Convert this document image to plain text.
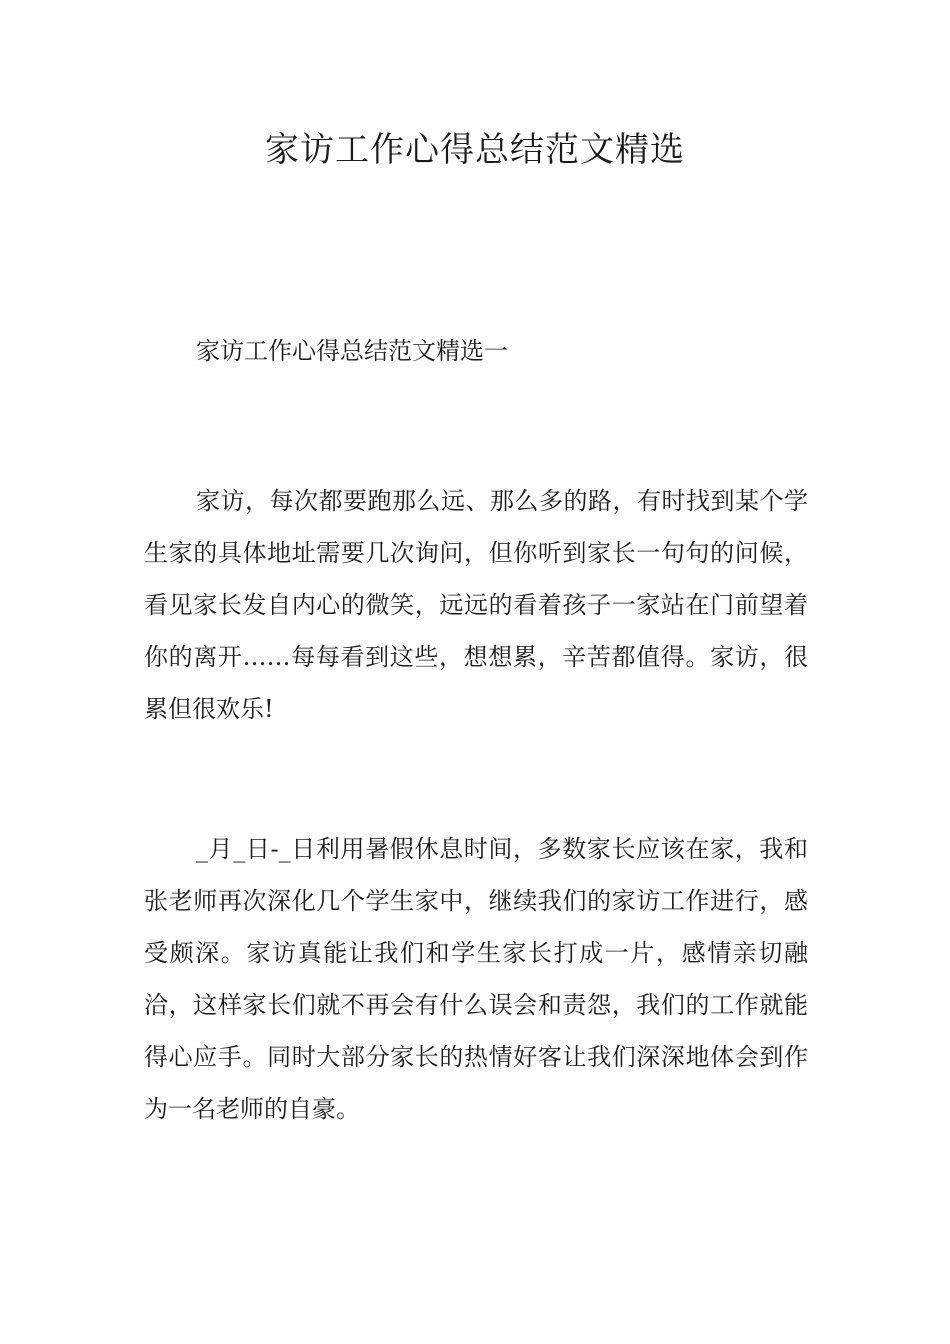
家访工作心得总结范文精选

家访工作心得总结范文精选一

家访，每次都要跑那么远、那么多的路，有时找到某个学生家的具体地址需要几次询问，但你听到家长一句句的问候，看见家长发自内心的微笑，远远的看着孩子一家站在门前望着你的离开……每每看到这些，想想累，辛苦都值得。家访，很累但很欢乐!

_月_日-_日利用暑假休息时间，多数家长应该在家，我和张老师再次深化几个学生家中，继续我们的家访工作进行，感受颇深。家访真能让我们和学生家长打成一片，感情亲切融洽，这样家长们就不再会有什么误会和责怨，我们的工作就能得心应手。同时大部分家长的热情好客让我们深深地体会到作为一名老师的自豪。
